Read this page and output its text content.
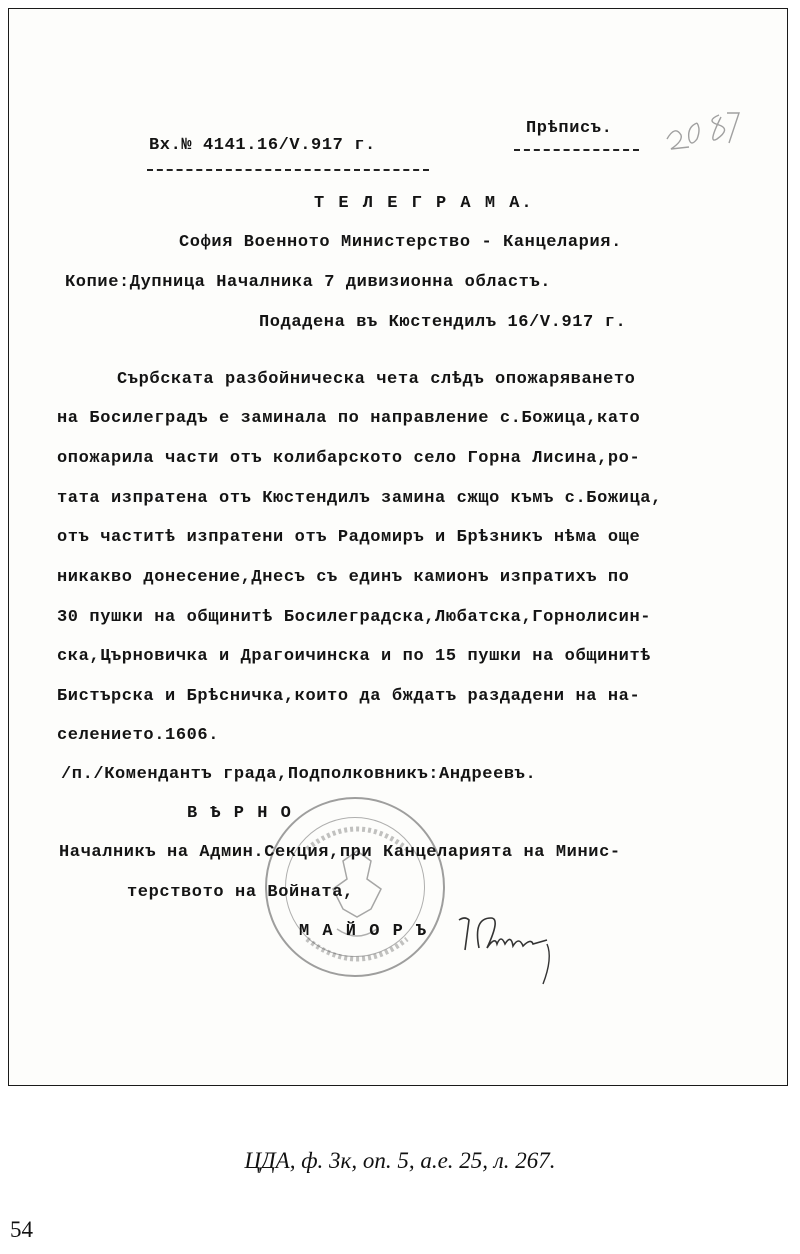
Вх.№ 4141.16/V.917 г.
Прѣписъ.
Т Е Л Е Г Р А М А.
София Военното Министерство - Канцелария.
Копие:Дупница Началника 7 дивизионна областъ.
Подадена въ Кюстендилъ 16/V.917 г.
Сърбската разбойническа чета слѣдъ опожаряването
на Босилеградъ е заминала по направление с.Божица,като
опожарила части отъ колибарското село Горна Лисина,ро-
тата изпратена отъ Кюстендилъ замина сжщо къмъ с.Божица,
отъ частитѣ изпратени отъ Радомиръ и Брѣзникъ нѣма още
никакво донесение,Днесъ съ единъ камионъ изпратихъ по
30 пушки на общинитѣ Босилеградска,Любатска,Горнолисин-
ска,Църновичка и Драгоичинска и по 15 пушки на общинитѣ
Бистърска и Брѣсничка,които да бждатъ раздадени на на-
селението.1606.
/п./Комендантъ града,Подполковникъ:Андреевъ.
В Ѣ Р Н О
Началникъ на Админ.Секция,при Канцеларията на Минис-
терството на Войната,
М А Й О Р Ъ
ЦДА, ф. 3к, оп. 5, а.е. 25, л. 267.
54
